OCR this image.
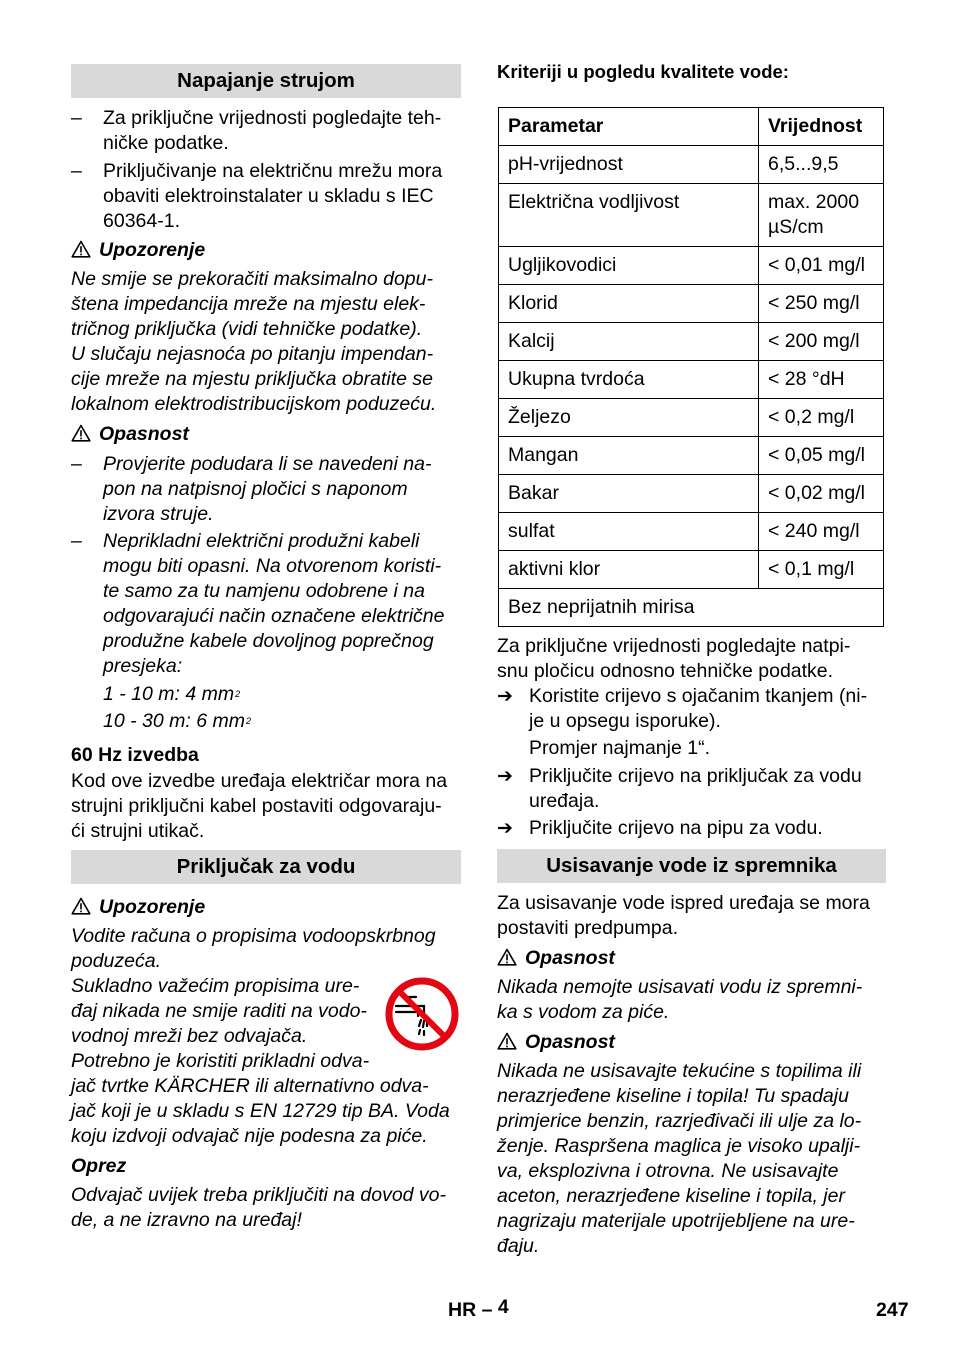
Napajanje strujom
– Za priključne vrijednosti pogledajte teh-
ničke podatke.
– Priključivanje na električnu mrežu mora
obaviti elektroinstalater u skladu s IEC
60364-1.
Upozorenje
Ne smije se prekoračiti maksimalno dopu-
štena impedancija mreže na mjestu elek-
tričnog priključka (vidi tehničke podatke).
U slučaju nejasnoća po pitanju impendan-
cije mreže na mjestu priključka obratite se
lokalnom elektrodistribucijskom poduzeću.
Opasnost
– Provjerite podudara li se navedeni na-
pon na natpisnoj pločici s naponom
izvora struje.
– Neprikladni električni produžni kabeli
mogu biti opasni. Na otvorenom koristi-
te samo za tu namjenu odobrene i na
odgovarajući način označene električne
produžne kabele dovoljnog poprečnog
presjeka:
1 - 10 m: 4 $mm^2$
10 - 30 m: 6 $mm^2$
60 Hz izvedba
Kod ove izvedbe uređaja električar mora na
strujni priključni kabel postaviti odgovaraju-
ći strujni utikač.
Priključak za vodu
Upozorenje
Vodite računa o propisima vodoopskrbnog
poduzeća.
Sukladno važećim propisima ure-
đaj nikada ne smije raditi na vodo-
vodnoj mreži bez odvajača.
Potrebno je koristiti prikladni odva-
jač tvrtke KÄRCHER ili alternativno odva-
jač koji je u skladu s EN 12729 tip BA. Voda
koju izdvoji odvajač nije podesna za piće.
Oprez
Odvajač uvijek treba priključiti na dovod vo-
de, a ne izravno na uređaj!
Kriteriji u pogledu kvalitete vode:
Parametar	Vrijednost
pH-vrijednost	6,5...9,5
Električna vodljivost	max. 2000 µS/cm
Ugljikovodici	< 0,01 mg/l
Klorid	< 250 mg/l
Kalcij	< 200 mg/l
Ukupna tvrdoća	< 28 °dH
Željezo	< 0,2 mg/l
Mangan	< 0,05 mg/l
Bakar	< 0,02 mg/l
sulfat	< 240 mg/l
aktivni klor	< 0,1 mg/l
Bez neprijatnih mirisa	
Za priključne vrijednosti pogledajte natpi-
snu pločicu odnosno tehničke podatke.
➔ Koristite crijevo s ojačanim tkanjem (ni-
je u opsegu isporuke).
Promjer najmanje 1“.
➔ Priključite crijevo na priključak za vodu
uređaja.
➔ Priključite crijevo na pipu za vodu.
Usisavanje vode iz spremnika
Za usisavanje vode ispred uređaja se mora
postaviti predpumpa.
Opasnost
Nikada nemojte usisavati vodu iz spremni-
ka s vodom za piće.
Opasnost
Nikada ne usisavajte tekućine s topilima ili
nerazrjeđene kiseline i topila! Tu spadaju
primjerice benzin, razrjeđivači ili ulje za lo-
ženje. Raspršena maglica je visoko upalji-
va, eksplozivna i otrovna. Ne usisavajte
aceton, nerazrjeđene kiseline i topila, jer
nagrizaju materijale upotrijebljene na ure-
đaju.
HR – 4	247
